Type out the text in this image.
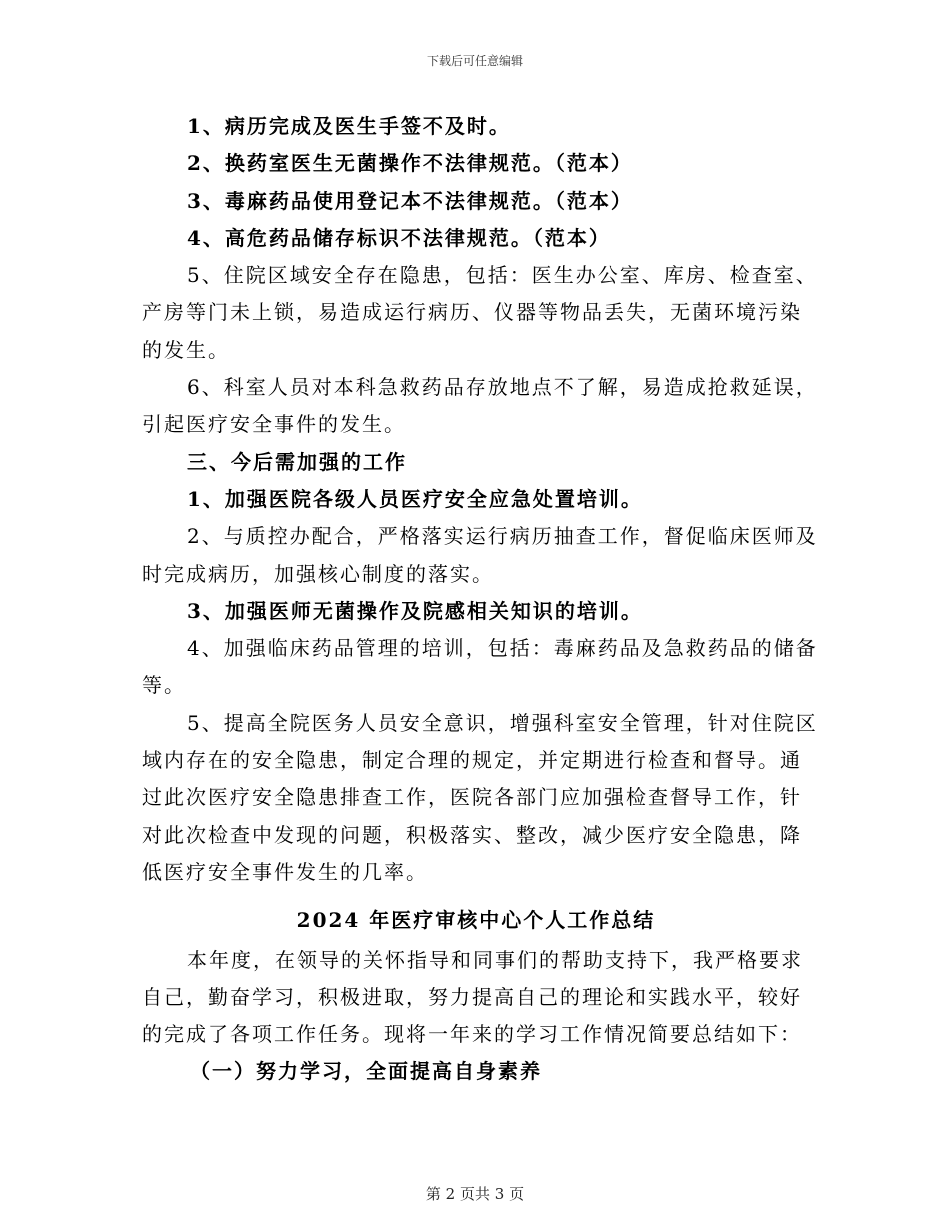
下载后可任意编辑
1、病历完成及医生手签不及时。
2、换药室医生无菌操作不法律规范。（范本）
3、毒麻药品使用登记本不法律规范。（范本）
4、高危药品储存标识不法律规范。（范本）
5、住院区域安全存在隐患，包括：医生办公室、库房、检查室、
产房等门未上锁，易造成运行病历、仪器等物品丢失，无菌环境污染
的发生。
6、科室人员对本科急救药品存放地点不了解，易造成抢救延误，
引起医疗安全事件的发生。
三、今后需加强的工作
1、加强医院各级人员医疗安全应急处置培训。
2、与质控办配合，严格落实运行病历抽查工作，督促临床医师及
时完成病历，加强核心制度的落实。
3、加强医师无菌操作及院感相关知识的培训。
4、加强临床药品管理的培训，包括：毒麻药品及急救药品的储备
等。
5、提高全院医务人员安全意识，增强科室安全管理，针对住院区
域内存在的安全隐患，制定合理的规定，并定期进行检查和督导。通
过此次医疗安全隐患排查工作，医院各部门应加强检查督导工作，针
对此次检查中发现的问题，积极落实、整改，减少医疗安全隐患，降
低医疗安全事件发生的几率。
2024 年医疗审核中心个人工作总结
本年度，在领导的关怀指导和同事们的帮助支持下，我严格要求
自己，勤奋学习，积极进取，努力提高自己的理论和实践水平，较好
的完成了各项工作任务。现将一年来的学习工作情况简要总结如下：
（一）努力学习，全面提高自身素养
第 2 页共 3 页
